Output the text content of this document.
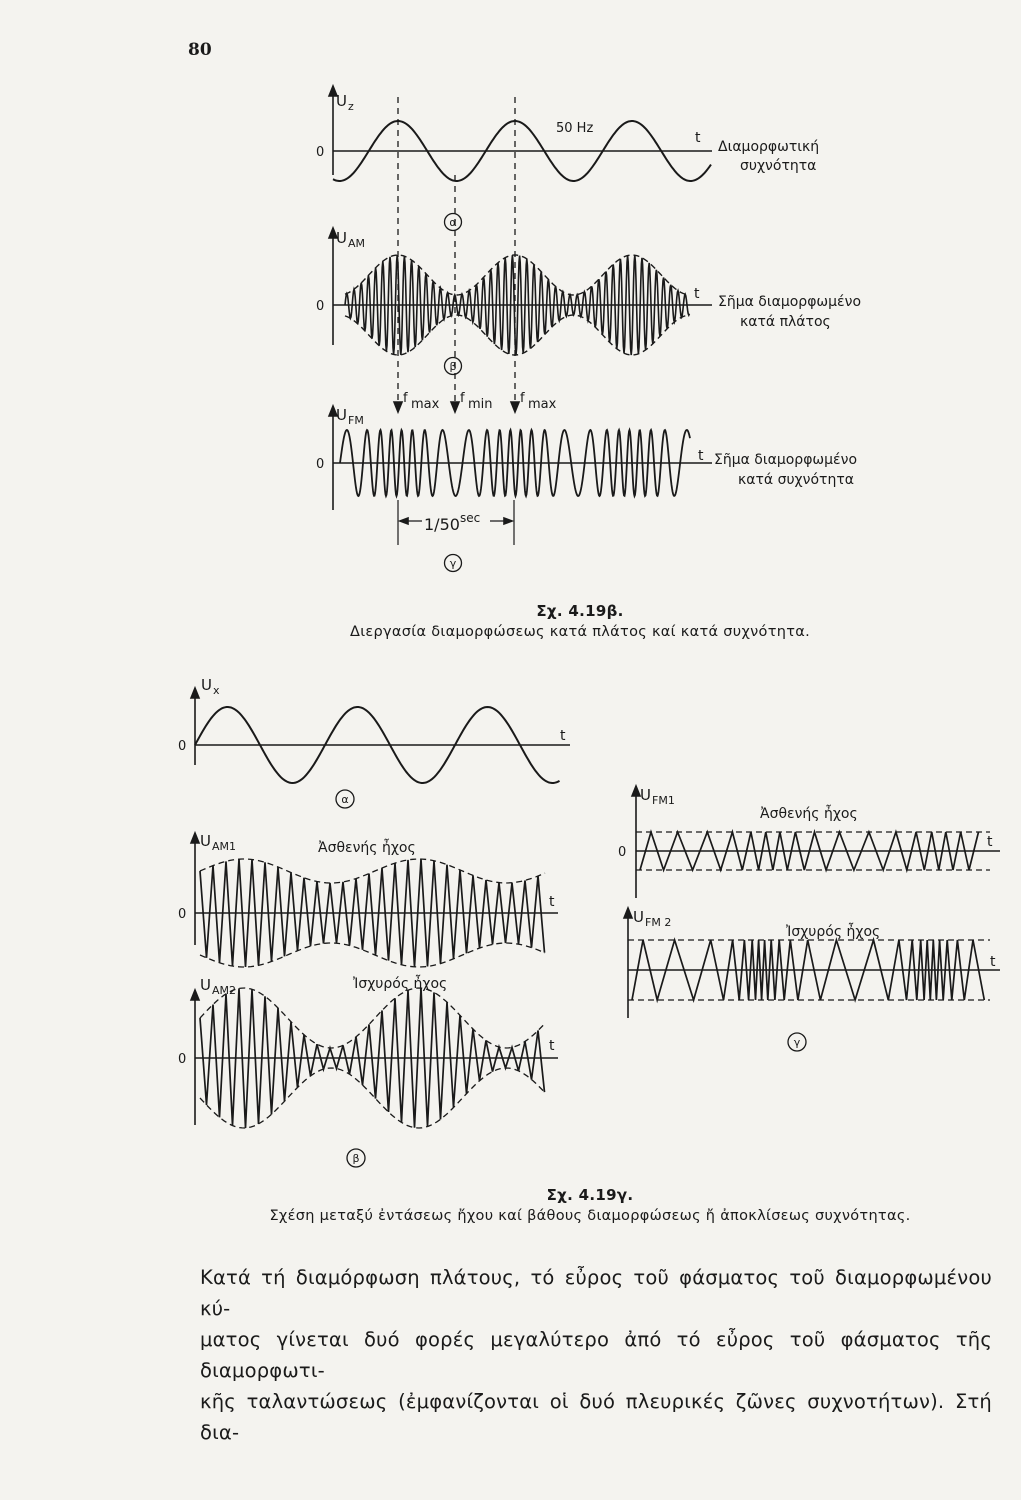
80
U z
0
50 Hz
t
Διαμορφωτική
συχνότητα
α
U AM
0
t Σῆμα διαμορφωμένο
κατά πλάτος
β
f max f min f max
U FM
0
t Σῆμα διαμορφωμένο
κατά συχνότητα
1/50 sec
γ
Σχ. 4.19β.
Διεργασία διαμορφώσεως κατά πλάτος καί κατά συχνότητα.
U x
0
t
α
U AM1	Ἀσθενής ἦχος
0
t
U AM2	Ἰσχυρός ἦχος
0
t
β
U FM1
Ἀσθενής ἦχος
0
t
U FM 2
Ἰσχυρός ἦχος
t
γ
Σχ. 4.19γ.
Σχέση μεταξύ ἐντάσεως ἤχου καί βάθους διαμορφώσεως ἤ ἀποκλίσεως συχνότητας.
Κατά τή διαμόρφωση πλάτους, τό εὖρος τοῦ φάσματος τοῦ διαμορφωμένου κύ-
ματος γίνεται δυό φορές μεγαλύτερο ἀπό τό εὖρος τοῦ φάσματος τῆς διαμορφωτι-
κῆς ταλαντώσεως (ἐμφανίζονται οἱ δυό πλευρικές ζῶνες συχνοτήτων). Στή δια-
